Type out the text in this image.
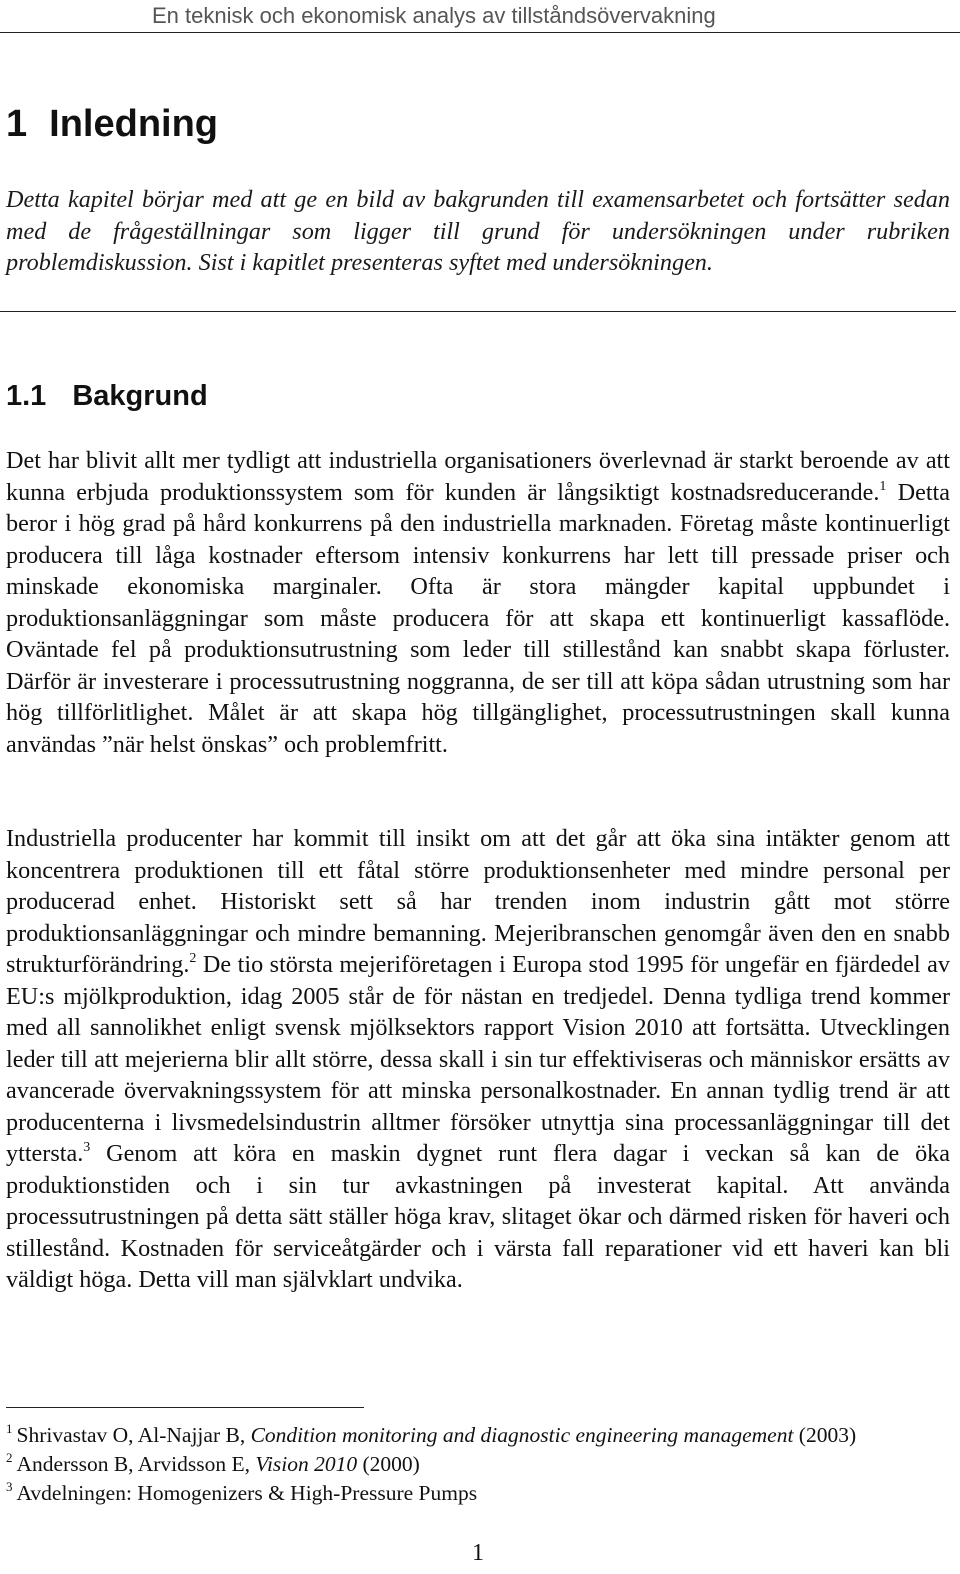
En teknisk och ekonomisk analys av tillståndsövervakning
1 Inledning
Detta kapitel börjar med att ge en bild av bakgrunden till examensarbetet och fortsätter sedan med de frågeställningar som ligger till grund för undersökningen under rubriken problemdiskussion. Sist i kapitlet presenteras syftet med undersökningen.
1.1 Bakgrund

Det har blivit allt mer tydligt att industriella organisationers överlevnad är starkt beroende av att kunna erbjuda produktionssystem som för kunden är långsiktigt kostnadsreducerande.$^1$ Detta beror i hög grad på hård konkurrens på den industriella marknaden. Företag måste kontinuerligt producera till låga kostnader eftersom intensiv konkurrens har lett till pressade priser och minskade ekonomiska marginaler. Ofta är stora mängder kapital uppbundet i produktionsanläggningar som måste producera för att skapa ett kontinuerligt kassaflöde. Oväntade fel på produktionsutrustning som leder till stillestånd kan snabbt skapa förluster. Därför är investerare i processutrustning noggranna, de ser till att köpa sådan utrustning som har hög tillförlitlighet. Målet är att skapa hög tillgänglighet, processutrustningen skall kunna användas ”när helst önskas” och problemfritt.

Industriella producenter har kommit till insikt om att det går att öka sina intäkter genom att koncentrera produktionen till ett fåtal större produktionsenheter med mindre personal per producerad enhet. Historiskt sett så har trenden inom industrin gått mot större produktionsanläggningar och mindre bemanning. Mejeribranschen genomgår även den en snabb strukturförändring.$^2$ De tio största mejeriföretagen i Europa stod 1995 för ungefär en fjärdedel av EU:s mjölkproduktion, idag 2005 står de för nästan en tredjedel. Denna tydliga trend kommer med all sannolikhet enligt svensk mjölksektors rapport Vision 2010 att fortsätta. Utvecklingen leder till att mejerierna blir allt större, dessa skall i sin tur effektiviseras och människor ersätts av avancerade övervakningssystem för att minska personalkostnader. En annan tydlig trend är att producenterna i livsmedelsindustrin alltmer försöker utnyttja sina processanläggningar till det yttersta.$^3$ Genom att köra en maskin dygnet runt flera dagar i veckan så kan de öka produktionstiden och i sin tur avkastningen på investerat kapital. Att använda processutrustningen på detta sätt ställer höga krav, slitaget ökar och därmed risken för haveri och stillestånd. Kostnaden för serviceåtgärder och i värsta fall reparationer vid ett haveri kan bli väldigt höga. Detta vill man självklart undvika.

$^1$ Shrivastav O, Al-Najjar B, Condition monitoring and diagnostic engineering management (2003)
$^2$ Andersson B, Arvidsson E, Vision 2010 (2000)
$^3$ Avdelningen: Homogenizers & High-Pressure Pumps
1
